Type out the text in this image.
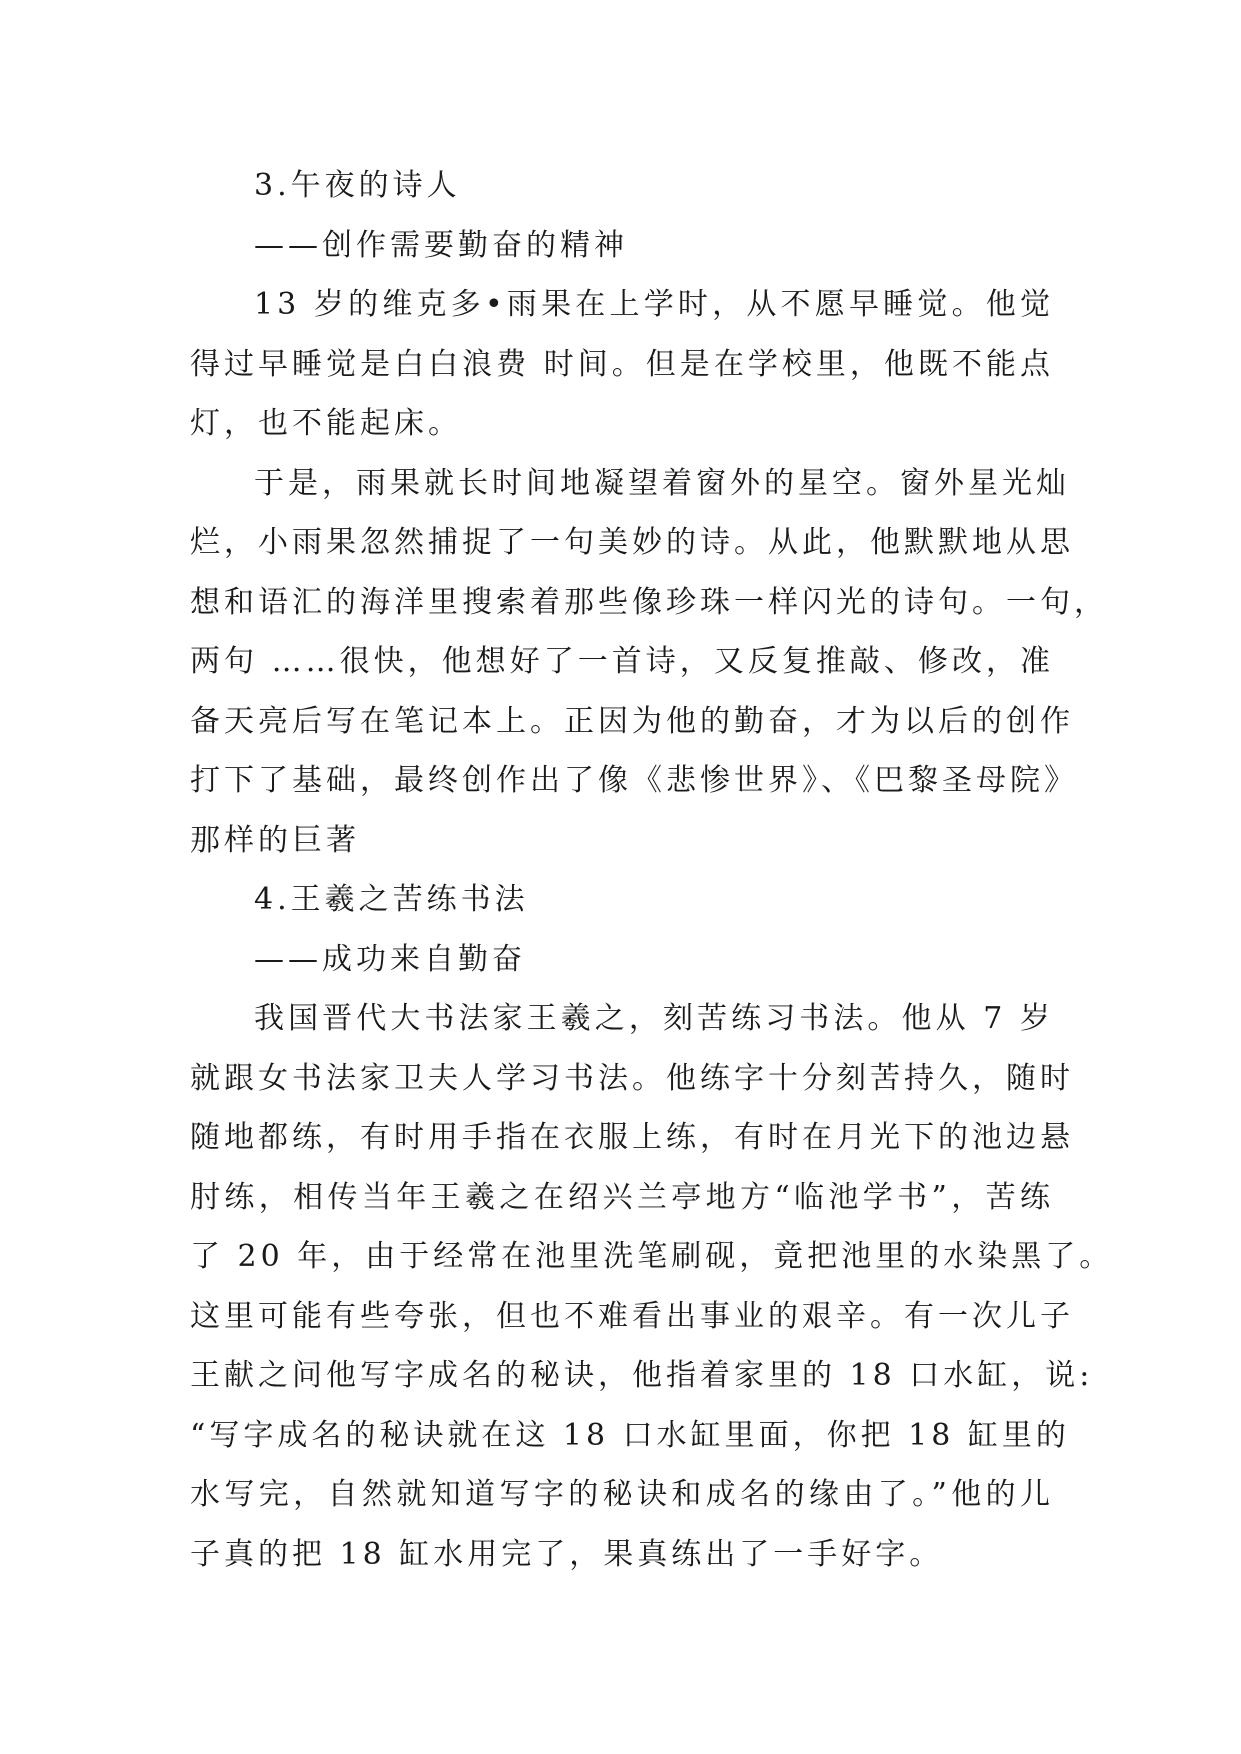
3.午夜的诗人
——创作需要勤奋的精神
13 岁的维克多•雨果在上学时，从不愿早睡觉。他觉
得过早睡觉是白白浪费 时间。但是在学校里，他既不能点
灯，也不能起床。
于是，雨果就长时间地凝望着窗外的星空。窗外星光灿
烂，小雨果忽然捕捉了一句美妙的诗。从此，他默默地从思
想和语汇的海洋里搜索着那些像珍珠一样闪光的诗句。一句，
两句 ……很快，他想好了一首诗，又反复推敲、修改，准
备天亮后写在笔记本上。正因为他的勤奋，才为以后的创作
打下了基础，最终创作出了像《悲惨世界》、《巴黎圣母院》
那样的巨著
4.王羲之苦练书法
——成功来自勤奋
我国晋代大书法家王羲之，刻苦练习书法。他从 7 岁
就跟女书法家卫夫人学习书法。他练字十分刻苦持久，随时
随地都练，有时用手指在衣服上练，有时在月光下的池边悬
肘练，相传当年王羲之在绍兴兰亭地方“临池学书”，苦练
了 20 年，由于经常在池里洗笔刷砚，竟把池里的水染黑了。
这里可能有些夸张，但也不难看出事业的艰辛。有一次儿子
王献之问他写字成名的秘诀，他指着家里的 18 口水缸，说:
“写字成名的秘诀就在这 18 口水缸里面，你把 18 缸里的
水写完，自然就知道写字的秘诀和成名的缘由了。”他的儿
子真的把 18 缸水用完了，果真练出了一手好字。
